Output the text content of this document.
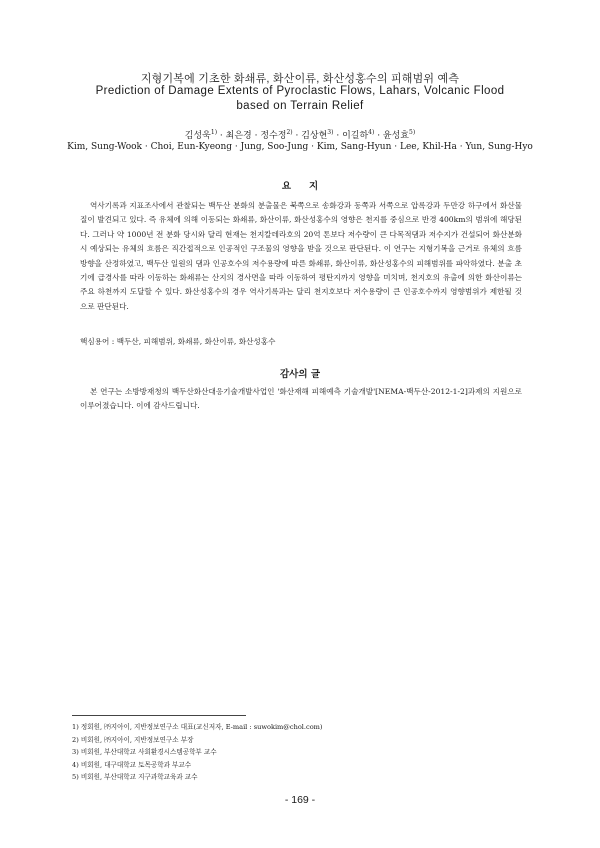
지형기복에 기초한 화쇄류, 화산이류, 화산성홍수의 피해범위 예측
Prediction of Damage Extents of Pyroclastic Flows, Lahars, Volcanic Flood
based on Terrain Relief
김성욱$^{1)}$ · 최은경 · 정수정$^{2)}$ · 김상현$^{3)}$ · 이길하$^{4)}$ · 윤성효$^{5)}$
Kim, Sung-Wook · Choi, Eun-Kyeong · Jung, Soo-Jung · Kim, Sang-Hyun · Lee, Khil-Ha · Yun, Sung-Hyo
요지
역사기록과 지표조사에서 관찰되는 백두산 분화의 분출물은 북쪽으로 송화강과 동쪽과 서쪽으로 압록강과 두만강 하구에서 화산물질이 발견되고 있다. 즉 유체에 의해 이동되는 화쇄류, 화산이류, 화산성홍수의 영향은 천지를 중심으로 반경 400km의 범위에 해당된다. 그러나 약 1000년 전 분화 당시와 달리 현재는 천지칼데라호의 20억 톤보다 저수량이 큰 다목적댐과 저수지가 건설되어 화산분화 시 예상되는 유체의 흐름은 직간접적으로 인공적인 구조물의 영향을 받을 것으로 판단된다. 이 연구는 지형기복을 근거로 유체의 흐름방향을 산정하였고, 백두산 일원의 댐과 인공호수의 저수용량에 따른 화쇄류, 화산이류, 화산성홍수의 피해범위를 파악하였다. 분출 초기에 급경사를 따라 이동하는 화쇄류는 산지의 경사면을 따라 이동하여 평탄지까지 영향을 미치며, 천지호의 유출에 의한 화산이류는 주요 하천까지 도달할 수 있다. 화산성홍수의 경우 역사기록과는 달리 천지호보다 저수용량이 큰 인공호수까지 영향범위가 제한될 것으로 판단된다.
핵심용어 : 백두산, 피해범위, 화쇄류, 화산이류, 화산성홍수
감사의 글
본 연구는 소방방재청의 백두산화산대응기술개발사업인 '화산재해 피해예측 기술개발'[NEMA-백두산-2012-1-2]과제의 지원으로 이루어졌습니다. 이에 감사드립니다.
1) 정회원, ㈜지아이, 지반정보연구소 대표(교신저자, E-mail : suwokim@chol.com)
2) 비회원, ㈜지아이, 지반정보연구소 부장
3) 비회원, 부산대학교 사회환경시스템공학부 교수
4) 비회원, 대구대학교 토목공학과 부교수
5) 비회원, 부산대학교 지구과학교육과 교수
- 169 -
